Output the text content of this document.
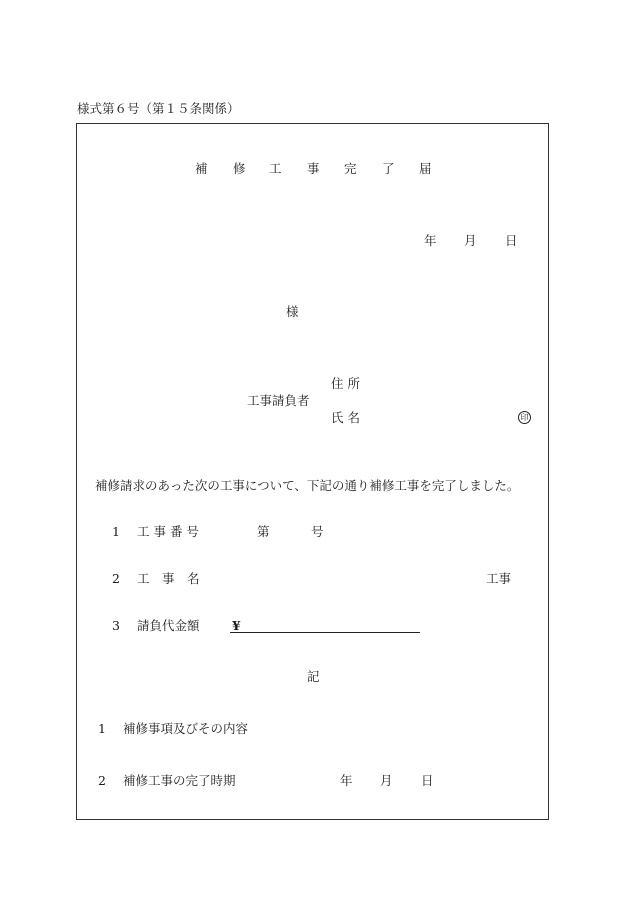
様式第６号（第１５条関係）
補 修 工 事 完 了 届
年 月 日
様
住 所
工事請負者
氏 名	印
補修請求のあった次の工事について、下記の通り補修工事を完了しました。
1 工 事 番 号	第	号
2 工　事　名	工事
3 請負代金額	¥
記
1 補修事項及びその内容
2 補修工事の完了時期	年 月 日
